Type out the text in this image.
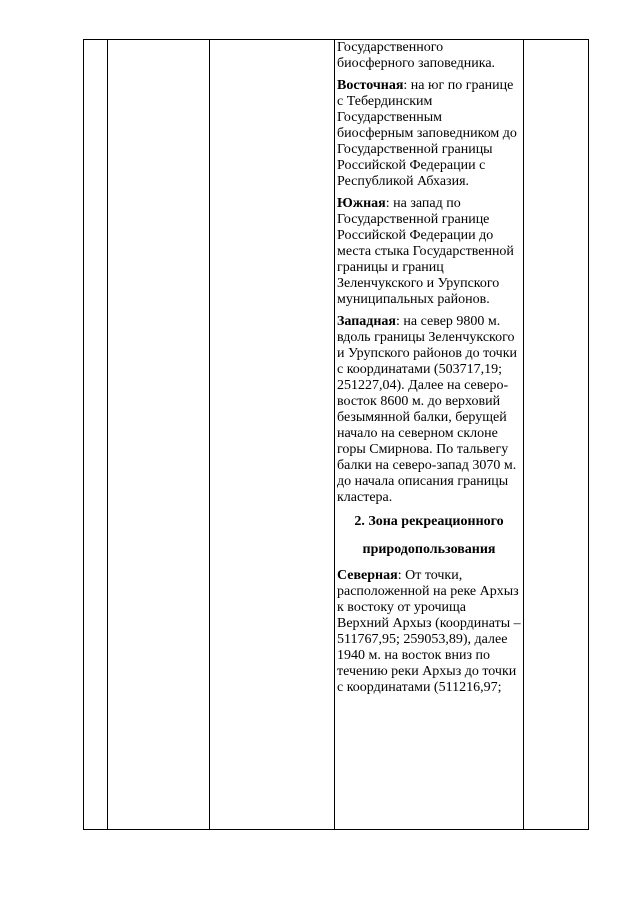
Государственного биосферного заповедника.

Восточная: на юг по границе с Тебердинским Государственным биосферным заповедником до Государственной границы Российской Федерации с Республикой Абхазия.

Южная: на запад по Государственной границе Российской Федерации до места стыка Государственной границы и границ Зеленчукского и Урупского муниципальных районов.

Западная: на север 9800 м. вдоль границы Зеленчукского и Урупского районов до точки с координатами (503717,19; 251227,04). Далее на северо-восток 8600 м. до верховий безымянной балки, берущей начало на северном склоне горы Смирнова. По тальвегу балки на северо-запад 3070 м. до начала описания границы кластера.

2. Зона рекреационного

природопользования

Северная: От точки, расположенной на реке Архыз к востоку от урочища Верхний Архыз (координаты – 511767,95; 259053,89), далее 1940 м. на восток вниз по течению реки Архыз до точки с координатами (511216,97;
